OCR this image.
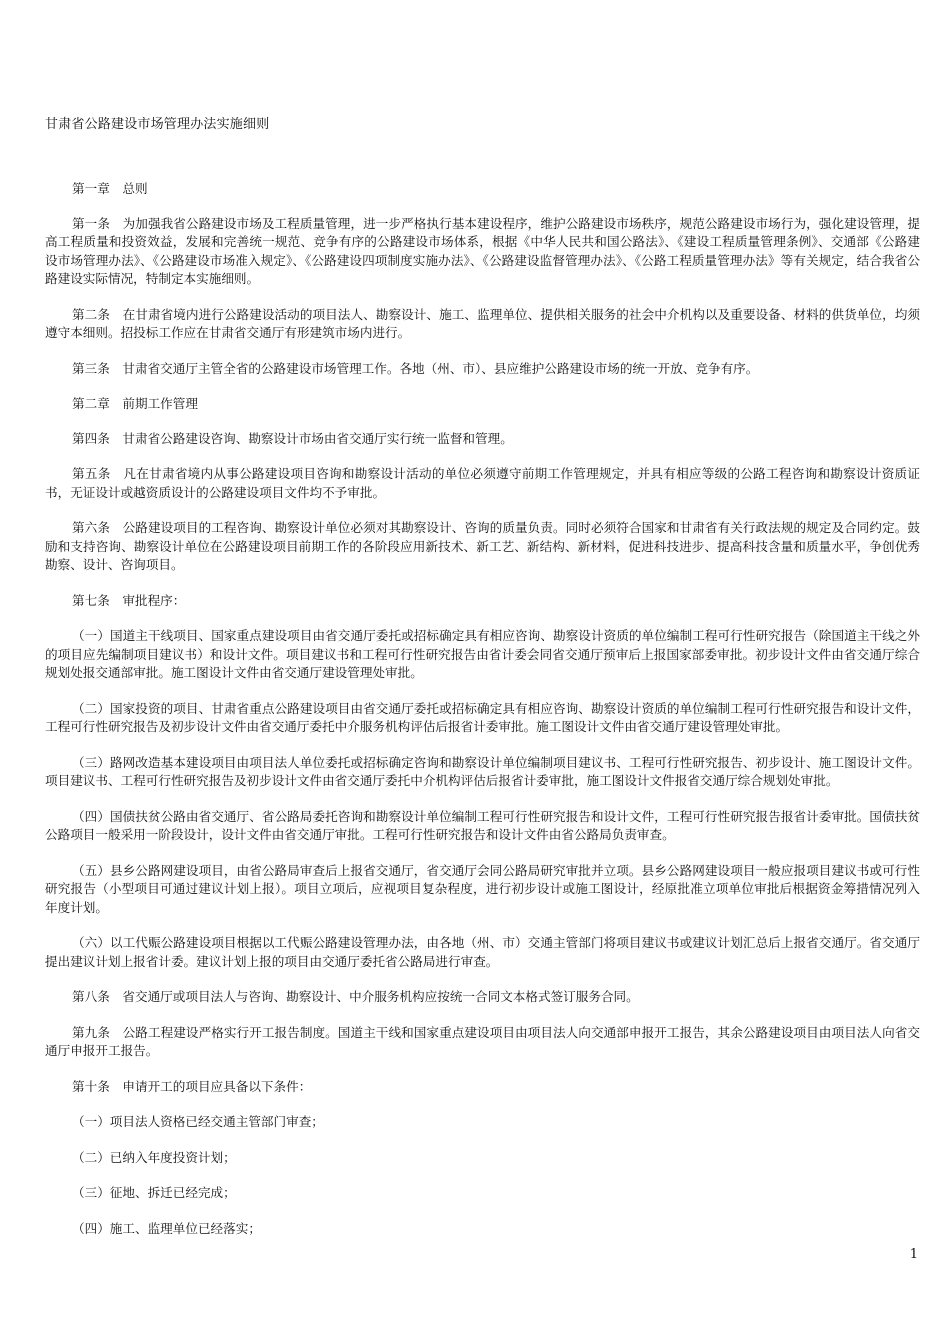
甘肃省公路建设市场管理办法实施细则

第一章　总则

第一条　为加强我省公路建设市场及工程质量管理，进一步严格执行基本建设程序，维护公路建设市场秩序，规范公路建设市场行为，强化建设管理，提高工程质量和投资效益，发展和完善统一规范、竞争有序的公路建设市场体系，根据《中华人民共和国公路法》、《建设工程质量管理条例》、交通部《公路建设市场管理办法》、《公路建设市场准入规定》、《公路建设四项制度实施办法》、《公路建设监督管理办法》、《公路工程质量管理办法》等有关规定，结合我省公路建设实际情况，特制定本实施细则。

第二条　在甘肃省境内进行公路建设活动的项目法人、勘察设计、施工、监理单位、提供相关服务的社会中介机构以及重要设备、材料的供货单位，均须遵守本细则。招投标工作应在甘肃省交通厅有形建筑市场内进行。

第三条　甘肃省交通厅主管全省的公路建设市场管理工作。各地（州、市）、县应维护公路建设市场的统一开放、竞争有序。

第二章　前期工作管理

第四条　甘肃省公路建设咨询、勘察设计市场由省交通厅实行统一监督和管理。

第五条　凡在甘肃省境内从事公路建设项目咨询和勘察设计活动的单位必须遵守前期工作管理规定，并具有相应等级的公路工程咨询和勘察设计资质证书，无证设计或越资质设计的公路建设项目文件均不予审批。

第六条　公路建设项目的工程咨询、勘察设计单位必须对其勘察设计、咨询的质量负责。同时必须符合国家和甘肃省有关行政法规的规定及合同约定。鼓励和支持咨询、勘察设计单位在公路建设项目前期工作的各阶段应用新技术、新工艺、新结构、新材料，促进科技进步、提高科技含量和质量水平，争创优秀勘察、设计、咨询项目。

第七条　审批程序：

（一）国道主干线项目、国家重点建设项目由省交通厅委托或招标确定具有相应咨询、勘察设计资质的单位编制工程可行性研究报告（除国道主干线之外的项目应先编制项目建议书）和设计文件。项目建议书和工程可行性研究报告由省计委会同省交通厅预审后上报国家部委审批。初步设计文件由省交通厅综合规划处报交通部审批。施工图设计文件由省交通厅建设管理处审批。

（二）国家投资的项目、甘肃省重点公路建设项目由省交通厅委托或招标确定具有相应咨询、勘察设计资质的单位编制工程可行性研究报告和设计文件，工程可行性研究报告及初步设计文件由省交通厅委托中介服务机构评估后报省计委审批。施工图设计文件由省交通厅建设管理处审批。

（三）路网改造基本建设项目由项目法人单位委托或招标确定咨询和勘察设计单位编制项目建议书、工程可行性研究报告、初步设计、施工图设计文件。项目建议书、工程可行性研究报告及初步设计文件由省交通厅委托中介机构评估后报省计委审批，施工图设计文件报省交通厅综合规划处审批。

（四）国债扶贫公路由省交通厅、省公路局委托咨询和勘察设计单位编制工程可行性研究报告和设计文件，工程可行性研究报告报省计委审批。国债扶贫公路项目一般采用一阶段设计，设计文件由省交通厅审批。工程可行性研究报告和设计文件由省公路局负责审查。

（五）县乡公路网建设项目，由省公路局审查后上报省交通厅，省交通厅会同公路局研究审批并立项。县乡公路网建设项目一般应报项目建议书或可行性研究报告（小型项目可通过建议计划上报）。项目立项后，应视项目复杂程度，进行初步设计或施工图设计，经原批准立项单位审批后根据资金筹措情况列入年度计划。

（六）以工代赈公路建设项目根据以工代赈公路建设管理办法，由各地（州、市）交通主管部门将项目建议书或建议计划汇总后上报省交通厅。省交通厅提出建议计划上报省计委。建议计划上报的项目由交通厅委托省公路局进行审查。

第八条　省交通厅或项目法人与咨询、勘察设计、中介服务机构应按统一合同文本格式签订服务合同。

第九条　公路工程建设严格实行开工报告制度。国道主干线和国家重点建设项目由项目法人向交通部申报开工报告，其余公路建设项目由项目法人向省交通厅申报开工报告。

第十条　申请开工的项目应具备以下条件：

（一）项目法人资格已经交通主管部门审查；

（二）已纳入年度投资计划；

（三）征地、拆迁已经完成；

（四）施工、监理单位已经落实；

1
